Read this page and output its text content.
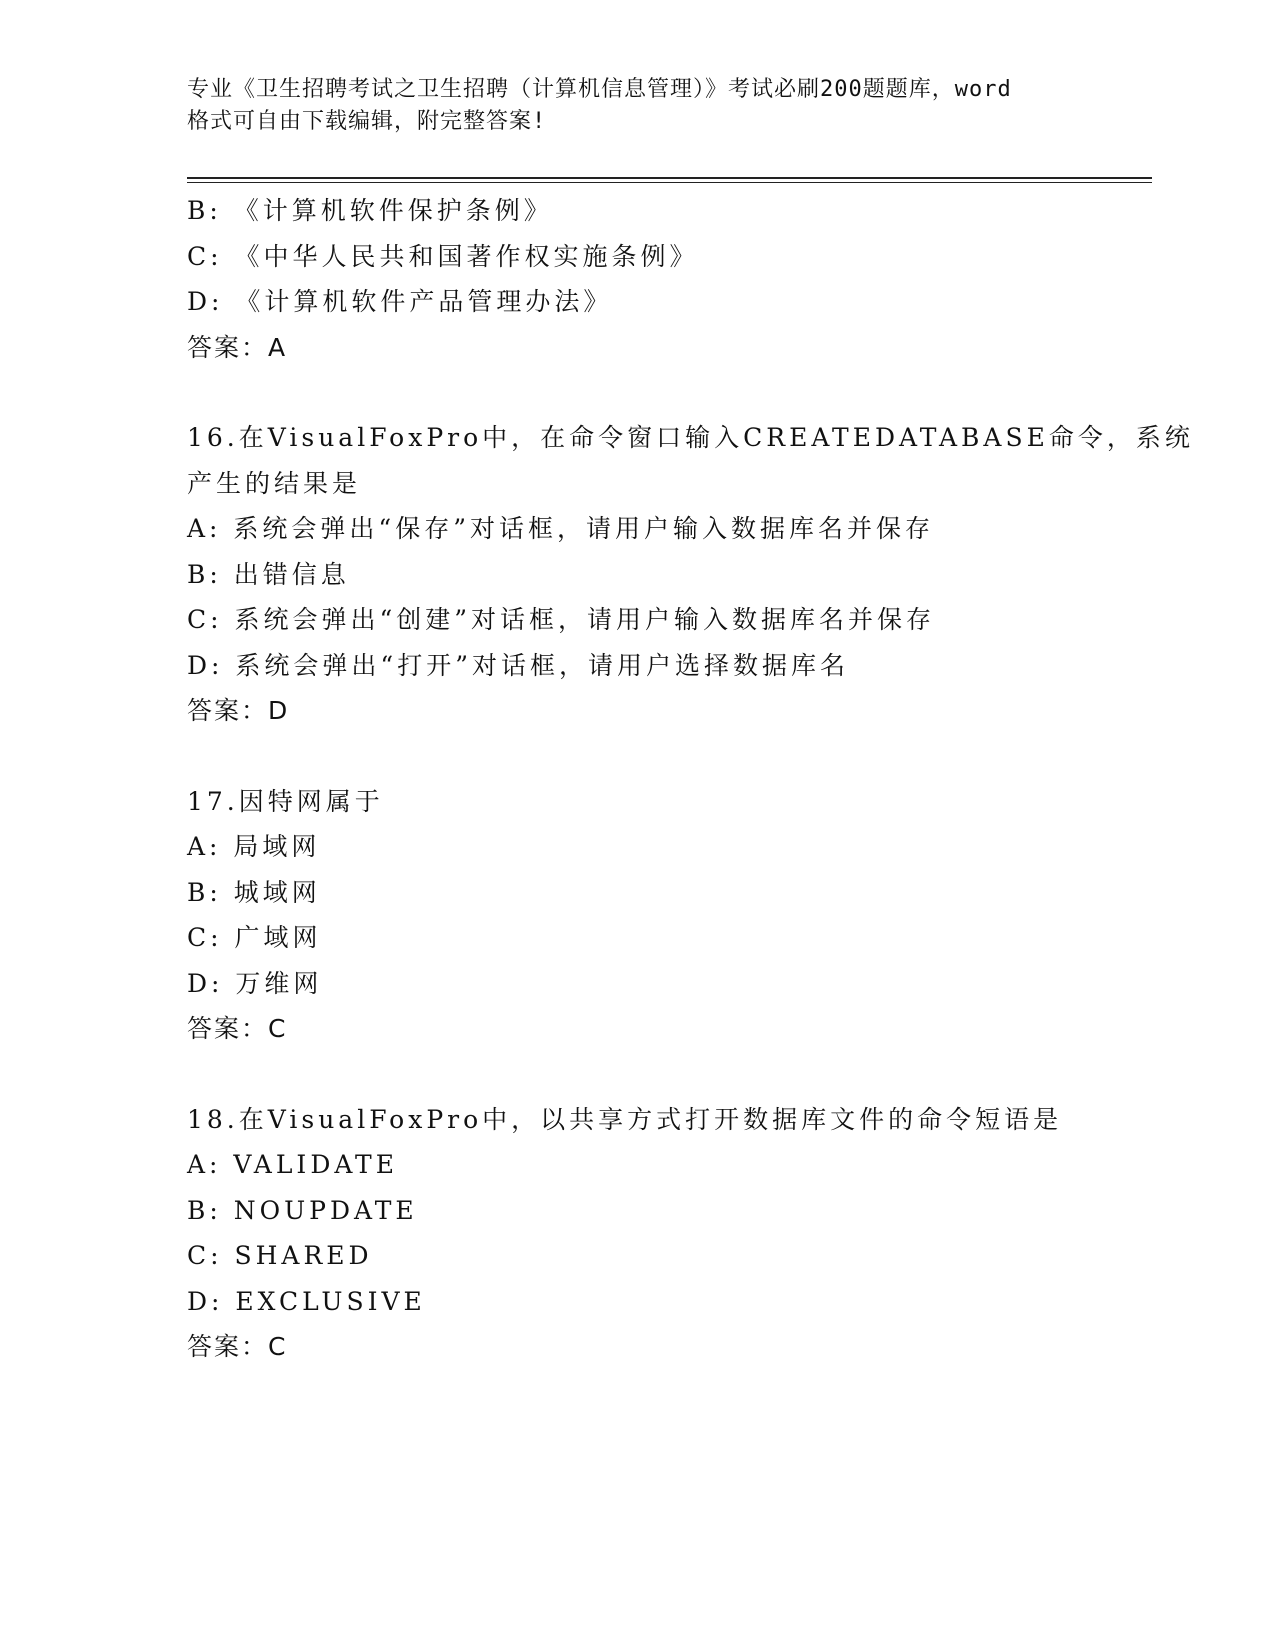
专业《卫生招聘考试之卫生招聘（计算机信息管理）》考试必刷200题题库，word
格式可自由下载编辑，附完整答案!
B: 《计算机软件保护条例》
C: 《中华人民共和国著作权实施条例》
D: 《计算机软件产品管理办法》
答案：A
16.在VisualFoxPro中，在命令窗口输入CREATEDATABASE命令，系统
产生的结果是
A: 系统会弹出“保存”对话框，请用户输入数据库名并保存
B: 出错信息
C: 系统会弹出“创建”对话框，请用户输入数据库名并保存
D: 系统会弹出“打开”对话框，请用户选择数据库名
答案：D
17.因特网属于
A: 局域网
B: 城域网
C: 广域网
D: 万维网
答案：C
18.在VisualFoxPro中，以共享方式打开数据库文件的命令短语是
A: VALIDATE
B: NOUPDATE
C: SHARED
D: EXCLUSIVE
答案：C
